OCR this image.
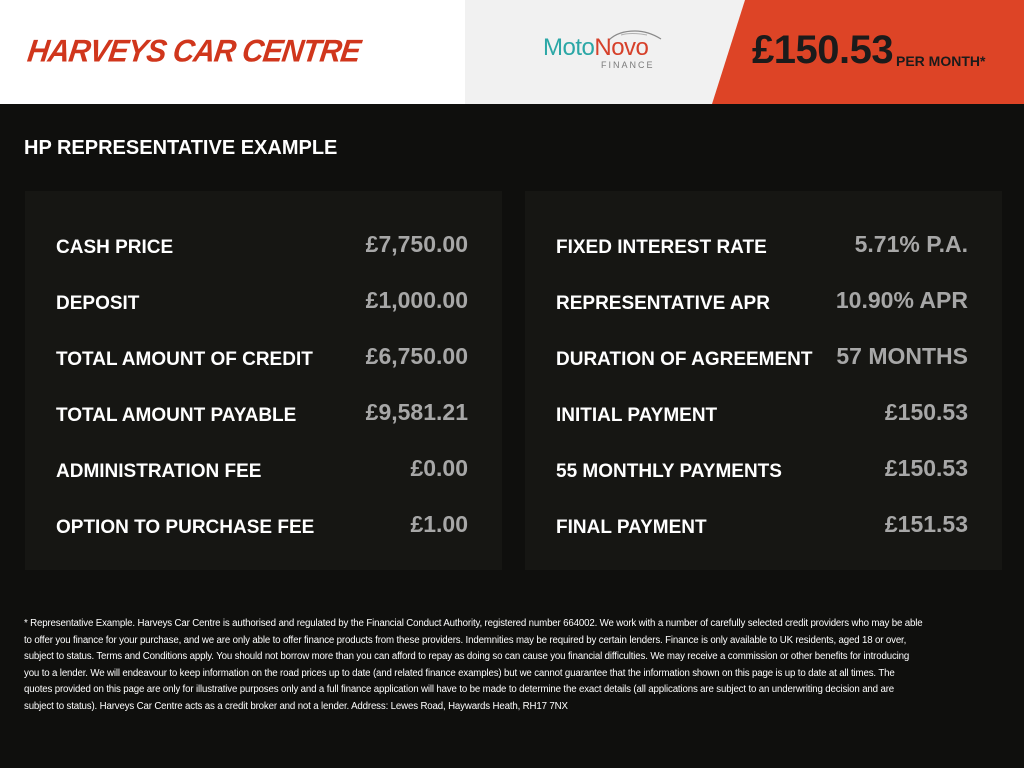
HARVEYS CAR CENTRE	MotoNovo
FINANCE £150.53 PER MONTH*
HP REPRESENTATIVE EXAMPLE
CASH PRICE	£7,750.00
DEPOSIT	£1,000.00
TOTAL AMOUNT OF CREDIT £6,750.00
TOTAL AMOUNT PAYABLE	£9,581.21
ADMINISTRATION FEE	£0.00
OPTION TO PURCHASE FEE	£1.00
FIXED INTEREST RATE	5.71% P.A.
REPRESENTATIVE APR	10.90% APR
DURATION OF AGREEMENT 57 MONTHS
INITIAL PAYMENT	£150.53
55 MONTHLY PAYMENTS	£150.53
FINAL PAYMENT	£151.53
* Representative Example. Harveys Car Centre is authorised and regulated by the Financial Conduct Authority, registered number 664002. We work with a number of carefully selected credit providers who may be able to offer you finance for your purchase, and we are only able to offer finance products from these providers. Indemnities may be required by certain lenders. Finance is only available to UK residents, aged 18 or over, subject to status. Terms and Conditions apply. You should not borrow more than you can afford to repay as doing so can cause you financial difficulties. We may receive a commission or other benefits for introducing you to a lender. We will endeavour to keep information on the road prices up to date (and related finance examples) but we cannot guarantee that the information shown on this page is up to date at all times. The quotes provided on this page are only for illustrative purposes only and a full finance application will have to be made to determine the exact details (all applications are subject to an underwriting decision and are subject to status). Harveys Car Centre acts as a credit broker and not a lender. Address: Lewes Road, Haywards Heath, RH17 7NX
